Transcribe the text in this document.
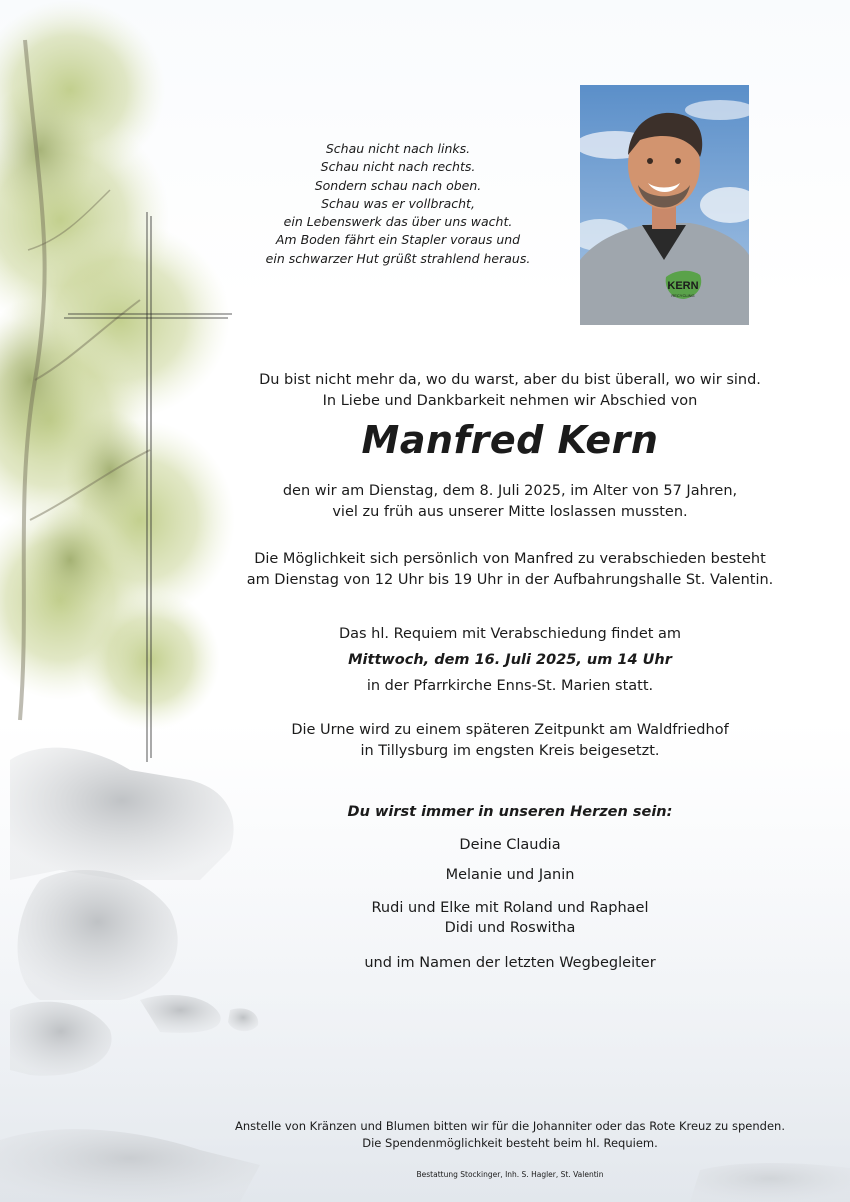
Schau nicht nach links.
Schau nicht nach rechts.
Sondern schau nach oben.
Schau was er vollbracht,
ein Lebenswerk das über uns wacht.
Am Boden fährt ein Stapler voraus und
ein schwarzer Hut grüßt strahlend heraus.
KERN
RECYCLING
Du bist nicht mehr da, wo du warst, aber du bist überall, wo wir sind.
In Liebe und Dankbarkeit nehmen wir Abschied von
Manfred Kern
den wir am Dienstag, dem 8. Juli 2025, im Alter von 57 Jahren,
viel zu früh aus unserer Mitte loslassen mussten.
Die Möglichkeit sich persönlich von Manfred zu verabschieden besteht
am Dienstag von 12 Uhr bis 19 Uhr in der Aufbahrungshalle St. Valentin.
Das hl. Requiem mit Verabschiedung findet am
Mittwoch, dem 16. Juli 2025, um 14 Uhr
in der Pfarrkirche Enns-St. Marien statt.
Die Urne wird zu einem späteren Zeitpunkt am Waldfriedhof
in Tillysburg im engsten Kreis beigesetzt.
Du wirst immer in unseren Herzen sein:
Deine Claudia
Melanie und Janin
Rudi und Elke mit Roland und Raphael
Didi und Roswitha
und im Namen der letzten Wegbegleiter
Anstelle von Kränzen und Blumen bitten wir für die Johanniter oder das Rote Kreuz zu spenden.
Die Spendenmöglichkeit besteht beim hl. Requiem.
Bestattung Stockinger, Inh. S. Hagler, St. Valentin
